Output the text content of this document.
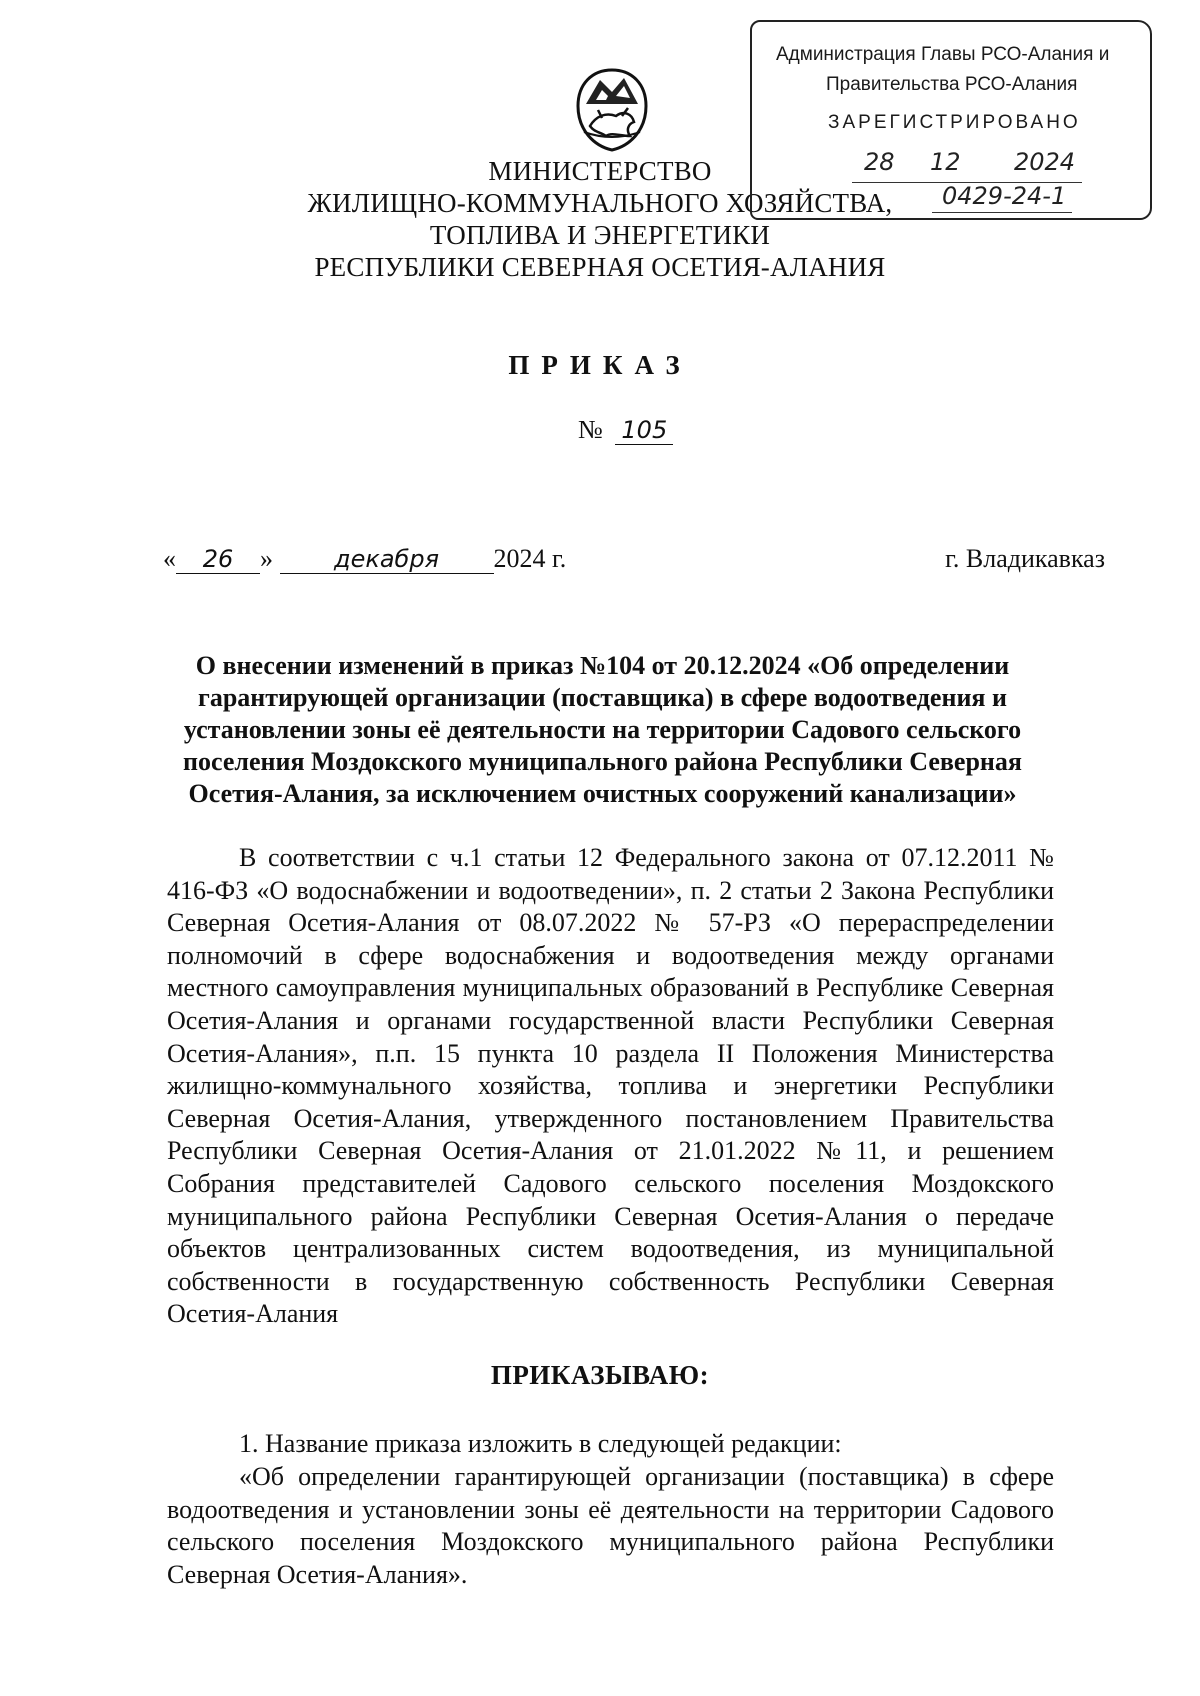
МИНИСТЕРСТВО
ЖИЛИЩНО-КОММУНАЛЬНОГО ХОЗЯЙСТВА,
ТОПЛИВА И ЭНЕРГЕТИКИ
РЕСПУБЛИКИ СЕВЕРНАЯ ОСЕТИЯ-АЛАНИЯ
Администрация Главы РСО-Алания и
Правительства РСО-Алания
ЗАРЕГИСТРИРОВАНО
28 12 2024
0429-24-1
ПРИКАЗ
№ 105
« 26 »	декабря 2024 г.	г. Владикавказ
О внесении изменений в приказ №104 от 20.12.2024 «Об определении гарантирующей организации (поставщика) в сфере водоотведения и установлении зоны её деятельности на территории Садового сельского поселения Моздокского муниципального района Республики Северная Осетия-Алания, за исключением очистных сооружений канализации»
В соответствии с ч.1 статьи 12 Федерального закона от 07.12.2011 № 416-ФЗ «О водоснабжении и водоотведении», п. 2 статьи 2 Закона Республики Северная Осетия-Алания от 08.07.2022 № 57-РЗ «О перераспределении полномочий в сфере водоснабжения и водоотведения между органами местного самоуправления муниципальных образований в Республике Северная Осетия-Алания и органами государственной власти Республики Северная Осетия-Алания», п.п. 15 пункта 10 раздела II Положения Министерства жилищно-коммунального хозяйства, топлива и энергетики Республики Северная Осетия-Алания, утвержденного постановлением Правительства Республики Северная Осетия-Алания от 21.01.2022 №11, и решением Собрания представителей Садового сельского поселения Моздокского муниципального района Республики Северная Осетия-Алания о передаче объектов централизованных систем водоотведения, из муниципальной собственности в государственную собственность Республики Северная Осетия-Алания
ПРИКАЗЫВАЮ:
1. Название приказа изложить в следующей редакции:
«Об определении гарантирующей организации (поставщика) в сфере водоотведения и установлении зоны её деятельности на территории Садового сельского поселения Моздокского муниципального района Республики Северная Осетия-Алания».
